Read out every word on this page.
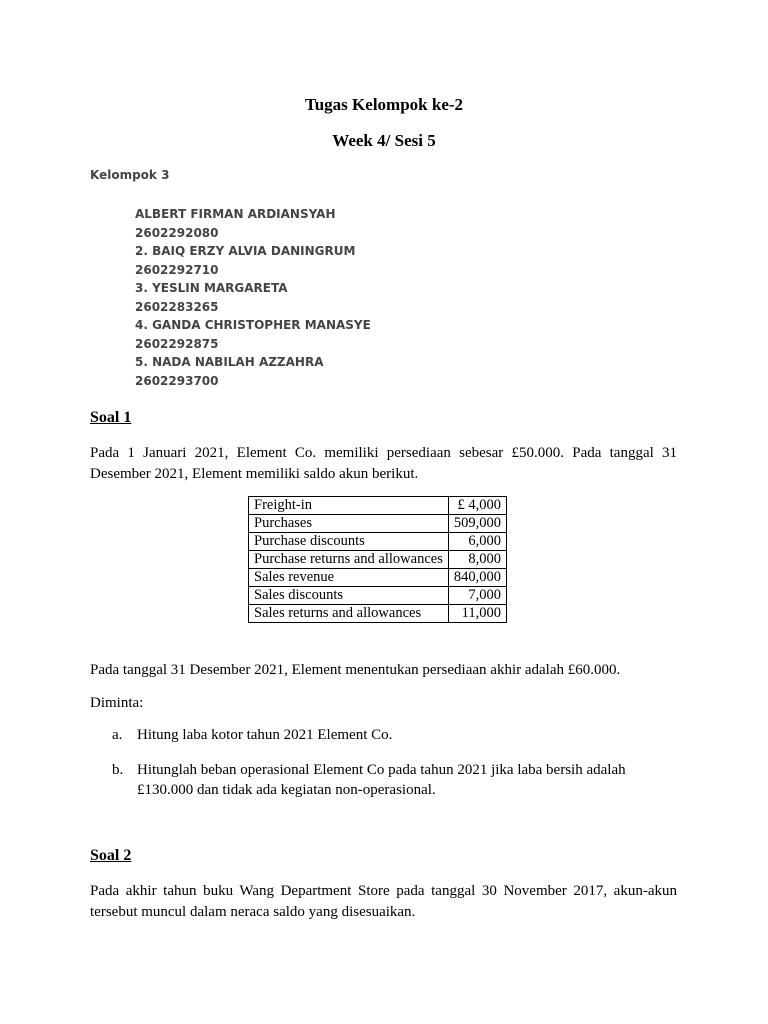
Tugas Kelompok ke-2
Week 4/ Sesi 5
Kelompok 3
ALBERT FIRMAN ARDIANSYAH
2602292080
2. BAIQ ERZY ALVIA DANINGRUM
2602292710
3. YESLIN MARGARETA
2602283265
4. GANDA CHRISTOPHER MANASYE
2602292875
5. NADA NABILAH AZZAHRA
2602293700
Soal 1

Pada 1 Januari 2021, Element Co. memiliki persediaan sebesar £50.000. Pada tanggal 31 Desember 2021, Element memiliki saldo akun berikut.

Freight-in	£ 4,000
Purchases	509,000
Purchase discounts	6,000
Purchase returns and allowances	8,000
Sales revenue	840,000
Sales discounts	7,000
Sales returns and allowances	11,000

Pada tanggal 31 Desember 2021, Element menentukan persediaan akhir adalah £60.000.

Diminta:

a. Hitung laba kotor tahun 2021 Element Co.
b. Hitunglah beban operasional Element Co pada tahun 2021 jika laba bersih adalah £130.000 dan tidak ada kegiatan non-operasional.
Soal 2

Pada akhir tahun buku Wang Department Store pada tanggal 30 November 2017, akun-akun tersebut muncul dalam neraca saldo yang disesuaikan.
